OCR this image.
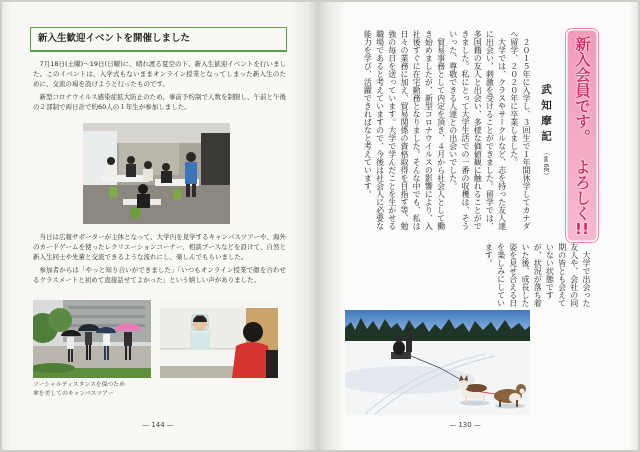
新入生歓迎イベントを開催しました

7月18日(土曜)～19日(日曜)に、晴れ渡る夏空の下、新入生歓迎イベントを行いました。このイベントは、入学式もないままオンライン授業となってしまった新入生のために、交流の場を設けようと行ったものです。

新型コロナウイルス感染症拡大防止のため、事前予約制で人数を制限し、午前と午後の２部制で両日計で約60人の１年生が参加しました。

当日は広報サポーターが主体となって、大学内を見学するキャンパスツアーや、海外のカードゲームを使ったレクリエーションコーナー、相談ブースなどを設けて、自然と新入生同士や先輩と交流できるような流れにし、楽しんでもらいました。

参加者からは「やっと知り合いができました」「いつもオンライン授業で顔を合わせるクラスメートと初めて直接話せてよかった」という嬉しい声がありました。

ソーシャルディスタンスを保つため
傘を差してのキャンパスツアー
— 144 —
新入会員です。よろしく!!
武知摩記（Ⅱ6E）

２０１５年に入学し、３回生で１年間休学してカナダへ留学、２０２０年に卒業しました。

大学では、クラスやサークルなど、志を持った友人達に出会い、刺激を受けることができました。留学では、多国籍の友人と出会い、多様な価値観に触れることができました。私にとって大学生活での一番の収穫は、そういった、尊敬できる人達との出会いでした。

貿易事務として内定を頂き、４月から社会人として働き始めましたが、新型コロナウイルスの影響により、入社後すぐに在宅勤務となりました。そんな中でも、私は日々の業務に加え、貿易関係の資格取得を目指す等、勉強の毎日を送っています。大学で学んだことを生かせる職場であると考えていますので、今後は社会人に必要な能力を学び、活躍できればなと考えています。

大学で出会った友人や、会社の同期の皆とも会えていない状態ですが、状況が落ち着いた後、成長した姿を見せ合える日を楽しみにしています。
— 130 —
